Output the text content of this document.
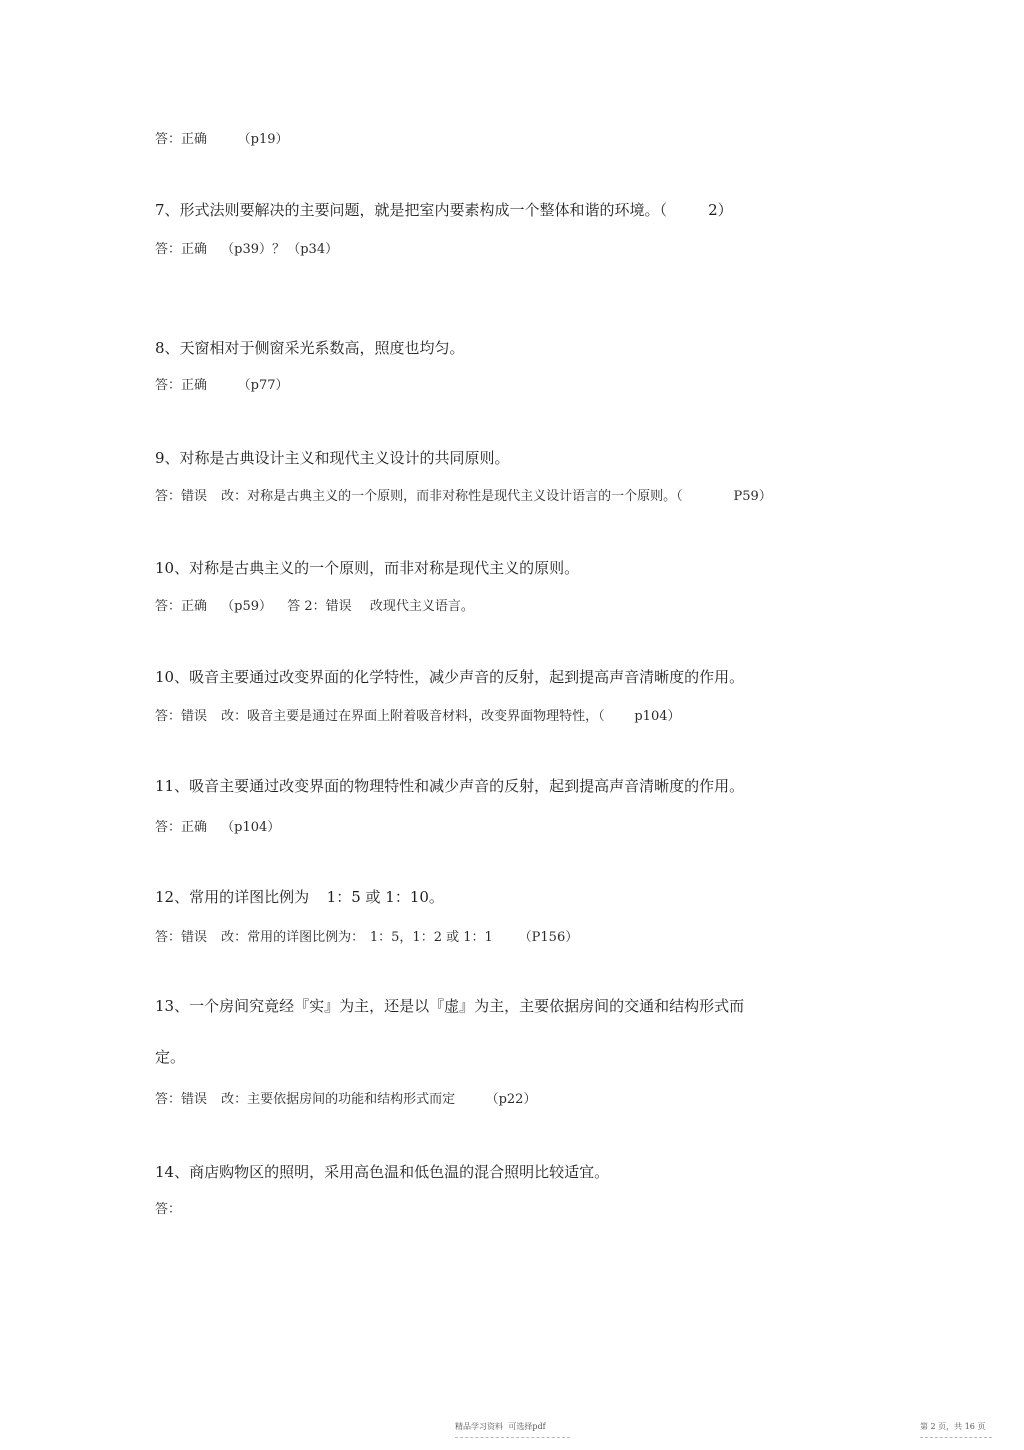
答：正确		（p19）
7、形式法则要解决的主要问题，就是把室内要素构成一个整体和谐的环境。（			2）
答：正确	（p39）？	（p34）
8、天窗相对于侧窗采光系数高，照度也均匀。
答：正确		（p77）
9、对称是古典设计主义和现代主义设计的共同原则。
答：错误	改：对称是古典主义的一个原则，而非对称性是现代主义设计语言的一个原则。（			P59）
10、对称是古典主义的一个原则，而非对称是现代主义的原则。
答：正确	（p59）	答 2：错误	改现代主义语言。
10、吸音主要通过改变界面的化学特性，减少声音的反射，起到提高声音清晰度的作用。
答：错误	改：吸音主要是通过在界面上附着吸音材料，改变界面物理特性，（		p104）
11、吸音主要通过改变界面的物理特性和减少声音的反射，起到提高声音清晰度的作用。
答：正确	（p104）
12、常用的详图比例为	1：5 或 1：10。
答：错误	改：常用的详图比例为：	1：5，1：2 或 1：1		（P156）
13、一个房间究竟经『实』为主，还是以『虚』为主，主要依据房间的交通和结构形式而
定。
答：错误	改：主要依据房间的功能和结构形式而定		（p22）
14、商店购物区的照明，采用高色温和低色温的混合照明比较适宜。
答：
精品学习资料	可选择pdf	第 2 页，共 16 页
